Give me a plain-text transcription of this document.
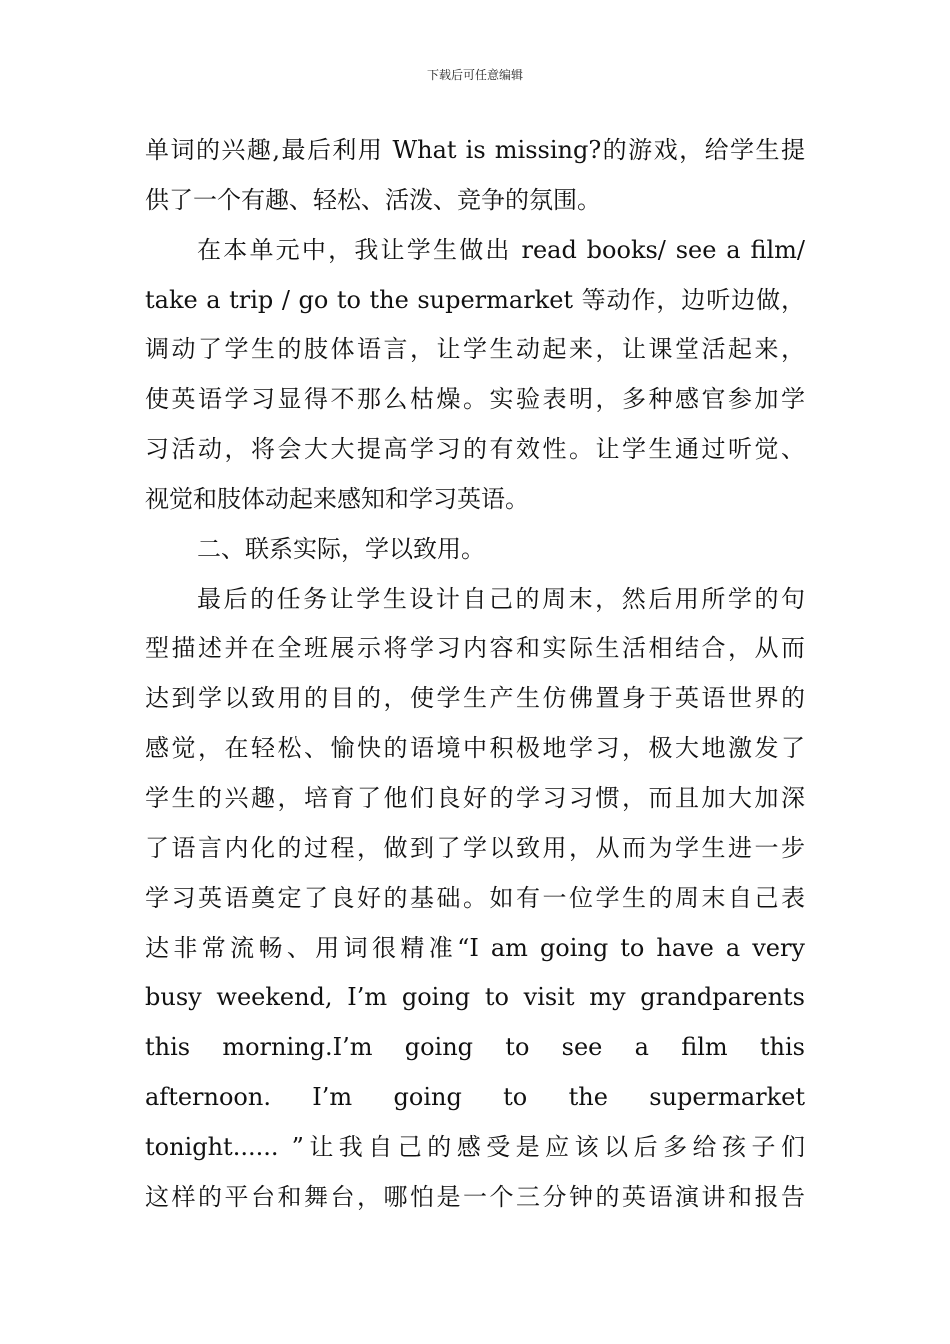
下载后可任意编辑
单词的兴趣,最后利用 What is missing?的游戏，给学生提
供了一个有趣、轻松、活泼、竞争的氛围。
在本单元中，我让学生做出 read books/ see a film/
take a trip / go to the supermarket 等动作，边听边做，
调动了学生的肢体语言，让学生动起来，让课堂活起来，
使英语学习显得不那么枯燥。实验表明，多种感官参加学
习活动，将会大大提高学习的有效性。让学生通过听觉、
视觉和肢体动起来感知和学习英语。
二、联系实际，学以致用。
最后的任务让学生设计自己的周末，然后用所学的句
型描述并在全班展示将学习内容和实际生活相结合，从而
达到学以致用的目的，使学生产生仿佛置身于英语世界的
感觉，在轻松、愉快的语境中积极地学习，极大地激发了
学生的兴趣，培育了他们良好的学习习惯，而且加大加深
了语言内化的过程，做到了学以致用，从而为学生进一步
学习英语奠定了良好的基础。如有一位学生的周末自己表
达非常流畅、用词很精准“I am going to have a very
busy weekend, I’m going to visit my grandparents
this morning.I’m going to see a film this
afternoon. I’m going to the supermarket
tonight...... ”让我自己的感受是应该以后多给孩子们
这样的平台和舞台，哪怕是一个三分钟的英语演讲和报告
